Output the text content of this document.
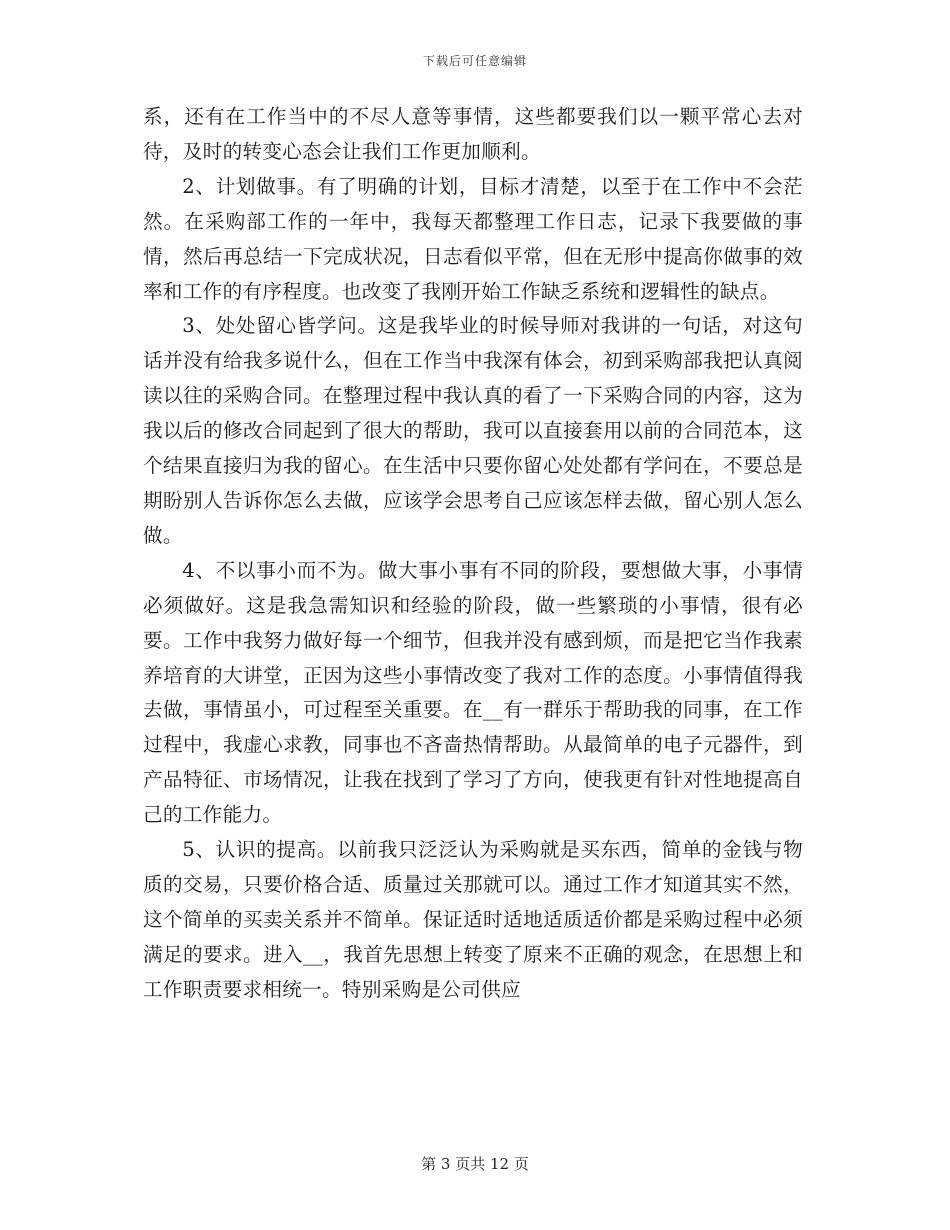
下载后可任意编辑

系，还有在工作当中的不尽人意等事情，这些都要我们以一颗平常心去对待，及时的转变心态会让我们工作更加顺利。

2、计划做事。有了明确的计划，目标才清楚，以至于在工作中不会茫然。在采购部工作的一年中，我每天都整理工作日志，记录下我要做的事情，然后再总结一下完成状况，日志看似平常，但在无形中提高你做事的效率和工作的有序程度。也改变了我刚开始工作缺乏系统和逻辑性的缺点。

3、处处留心皆学问。这是我毕业的时候导师对我讲的一句话，对这句话并没有给我多说什么，但在工作当中我深有体会，初到采购部我把认真阅读以往的采购合同。在整理过程中我认真的看了一下采购合同的内容，这为我以后的修改合同起到了很大的帮助，我可以直接套用以前的合同范本，这个结果直接归为我的留心。在生活中只要你留心处处都有学问在，不要总是期盼别人告诉你怎么去做，应该学会思考自己应该怎样去做，留心别人怎么做。

4、不以事小而不为。做大事小事有不同的阶段，要想做大事，小事情必须做好。这是我急需知识和经验的阶段，做一些繁琐的小事情，很有必要。工作中我努力做好每一个细节，但我并没有感到烦，而是把它当作我素养培育的大讲堂，正因为这些小事情改变了我对工作的态度。小事情值得我去做，事情虽小，可过程至关重要。在__有一群乐于帮助我的同事，在工作过程中，我虚心求教，同事也不吝啬热情帮助。从最简单的电子元器件，到产品特征、市场情况，让我在找到了学习了方向，使我更有针对性地提高自己的工作能力。

5、认识的提高。以前我只泛泛认为采购就是买东西，简单的金钱与物质的交易，只要价格合适、质量过关那就可以。通过工作才知道其实不然，这个简单的买卖关系并不简单。保证适时适地适质适价都是采购过程中必须满足的要求。进入__，我首先思想上转变了原来不正确的观念，在思想上和工作职责要求相统一。特别采购是公司供应

第 3 页共 12 页
